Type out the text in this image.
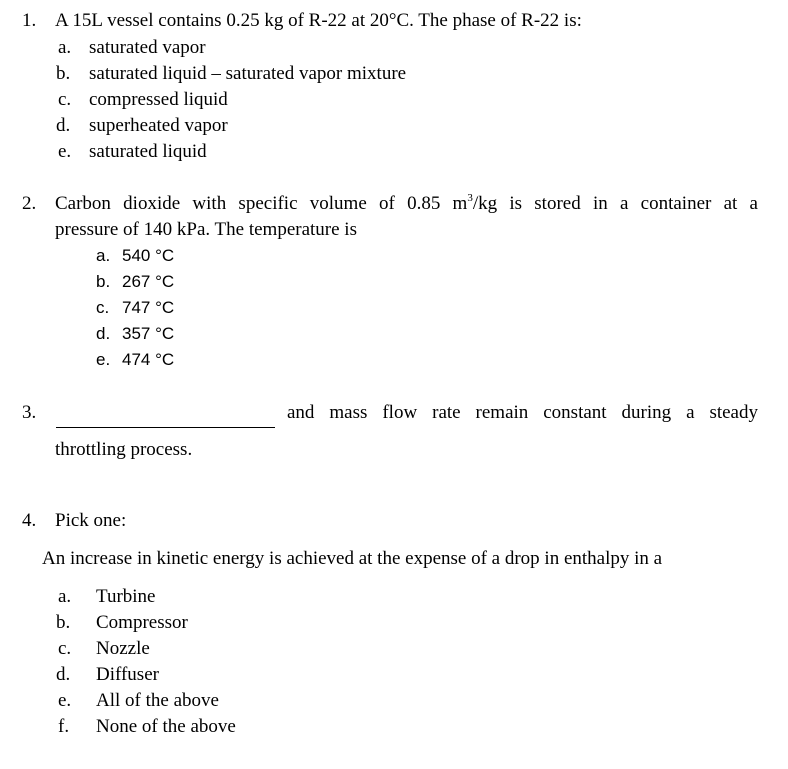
1. A 15L vessel contains 0.25 kg of R-22 at 20°C. The phase of R-22 is:
a. saturated vapor
b. saturated liquid – saturated vapor mixture
c. compressed liquid
d. superheated vapor
e. saturated liquid
2. Carbon dioxide with specific volume of 0.85 $m^3/kg$ is stored in a container at a
pressure of 140 kPa. The temperature is
a. 540 °C
b. 267 °C
c. 747 °C
d. 357 °C
e. 474 °C
3.	and mass flow rate remain constant during a steady
throttling process.
4. Pick one:
An increase in kinetic energy is achieved at the expense of a drop in enthalpy in a
a. Turbine
b. Compressor
c. Nozzle
d. Diffuser
e. All of the above
f. None of the above
